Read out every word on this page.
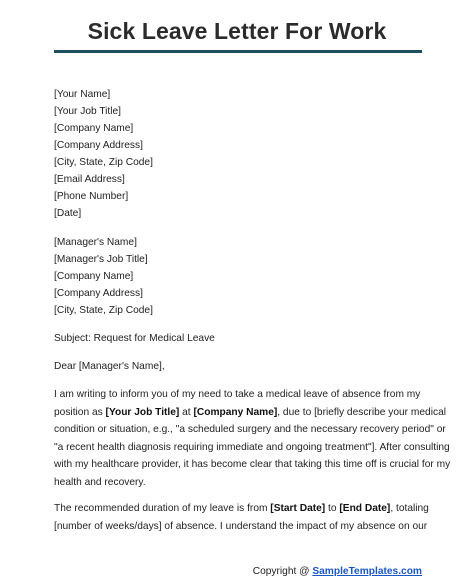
Sick Leave Letter For Work
[Your Name]
[Your Job Title]
[Company Name]
[Company Address]
[City, State, Zip Code]
[Email Address]
[Phone Number]
[Date]
[Manager's Name]
[Manager's Job Title]
[Company Name]
[Company Address]
[City, State, Zip Code]
Subject: Request for Medical Leave
Dear [Manager's Name],
I am writing to inform you of my need to take a medical leave of absence from my
position as [Your Job Title] at [Company Name], due to [briefly describe your medical
condition or situation, e.g., "a scheduled surgery and the necessary recovery period" or
"a recent health diagnosis requiring immediate and ongoing treatment"]. After consulting
with my healthcare provider, it has become clear that taking this time off is crucial for my
health and recovery.
The recommended duration of my leave is from [Start Date] to [End Date], totaling
[number of weeks/days] of absence. I understand the impact of my absence on our
Copyright @ SampleTemplates.com
